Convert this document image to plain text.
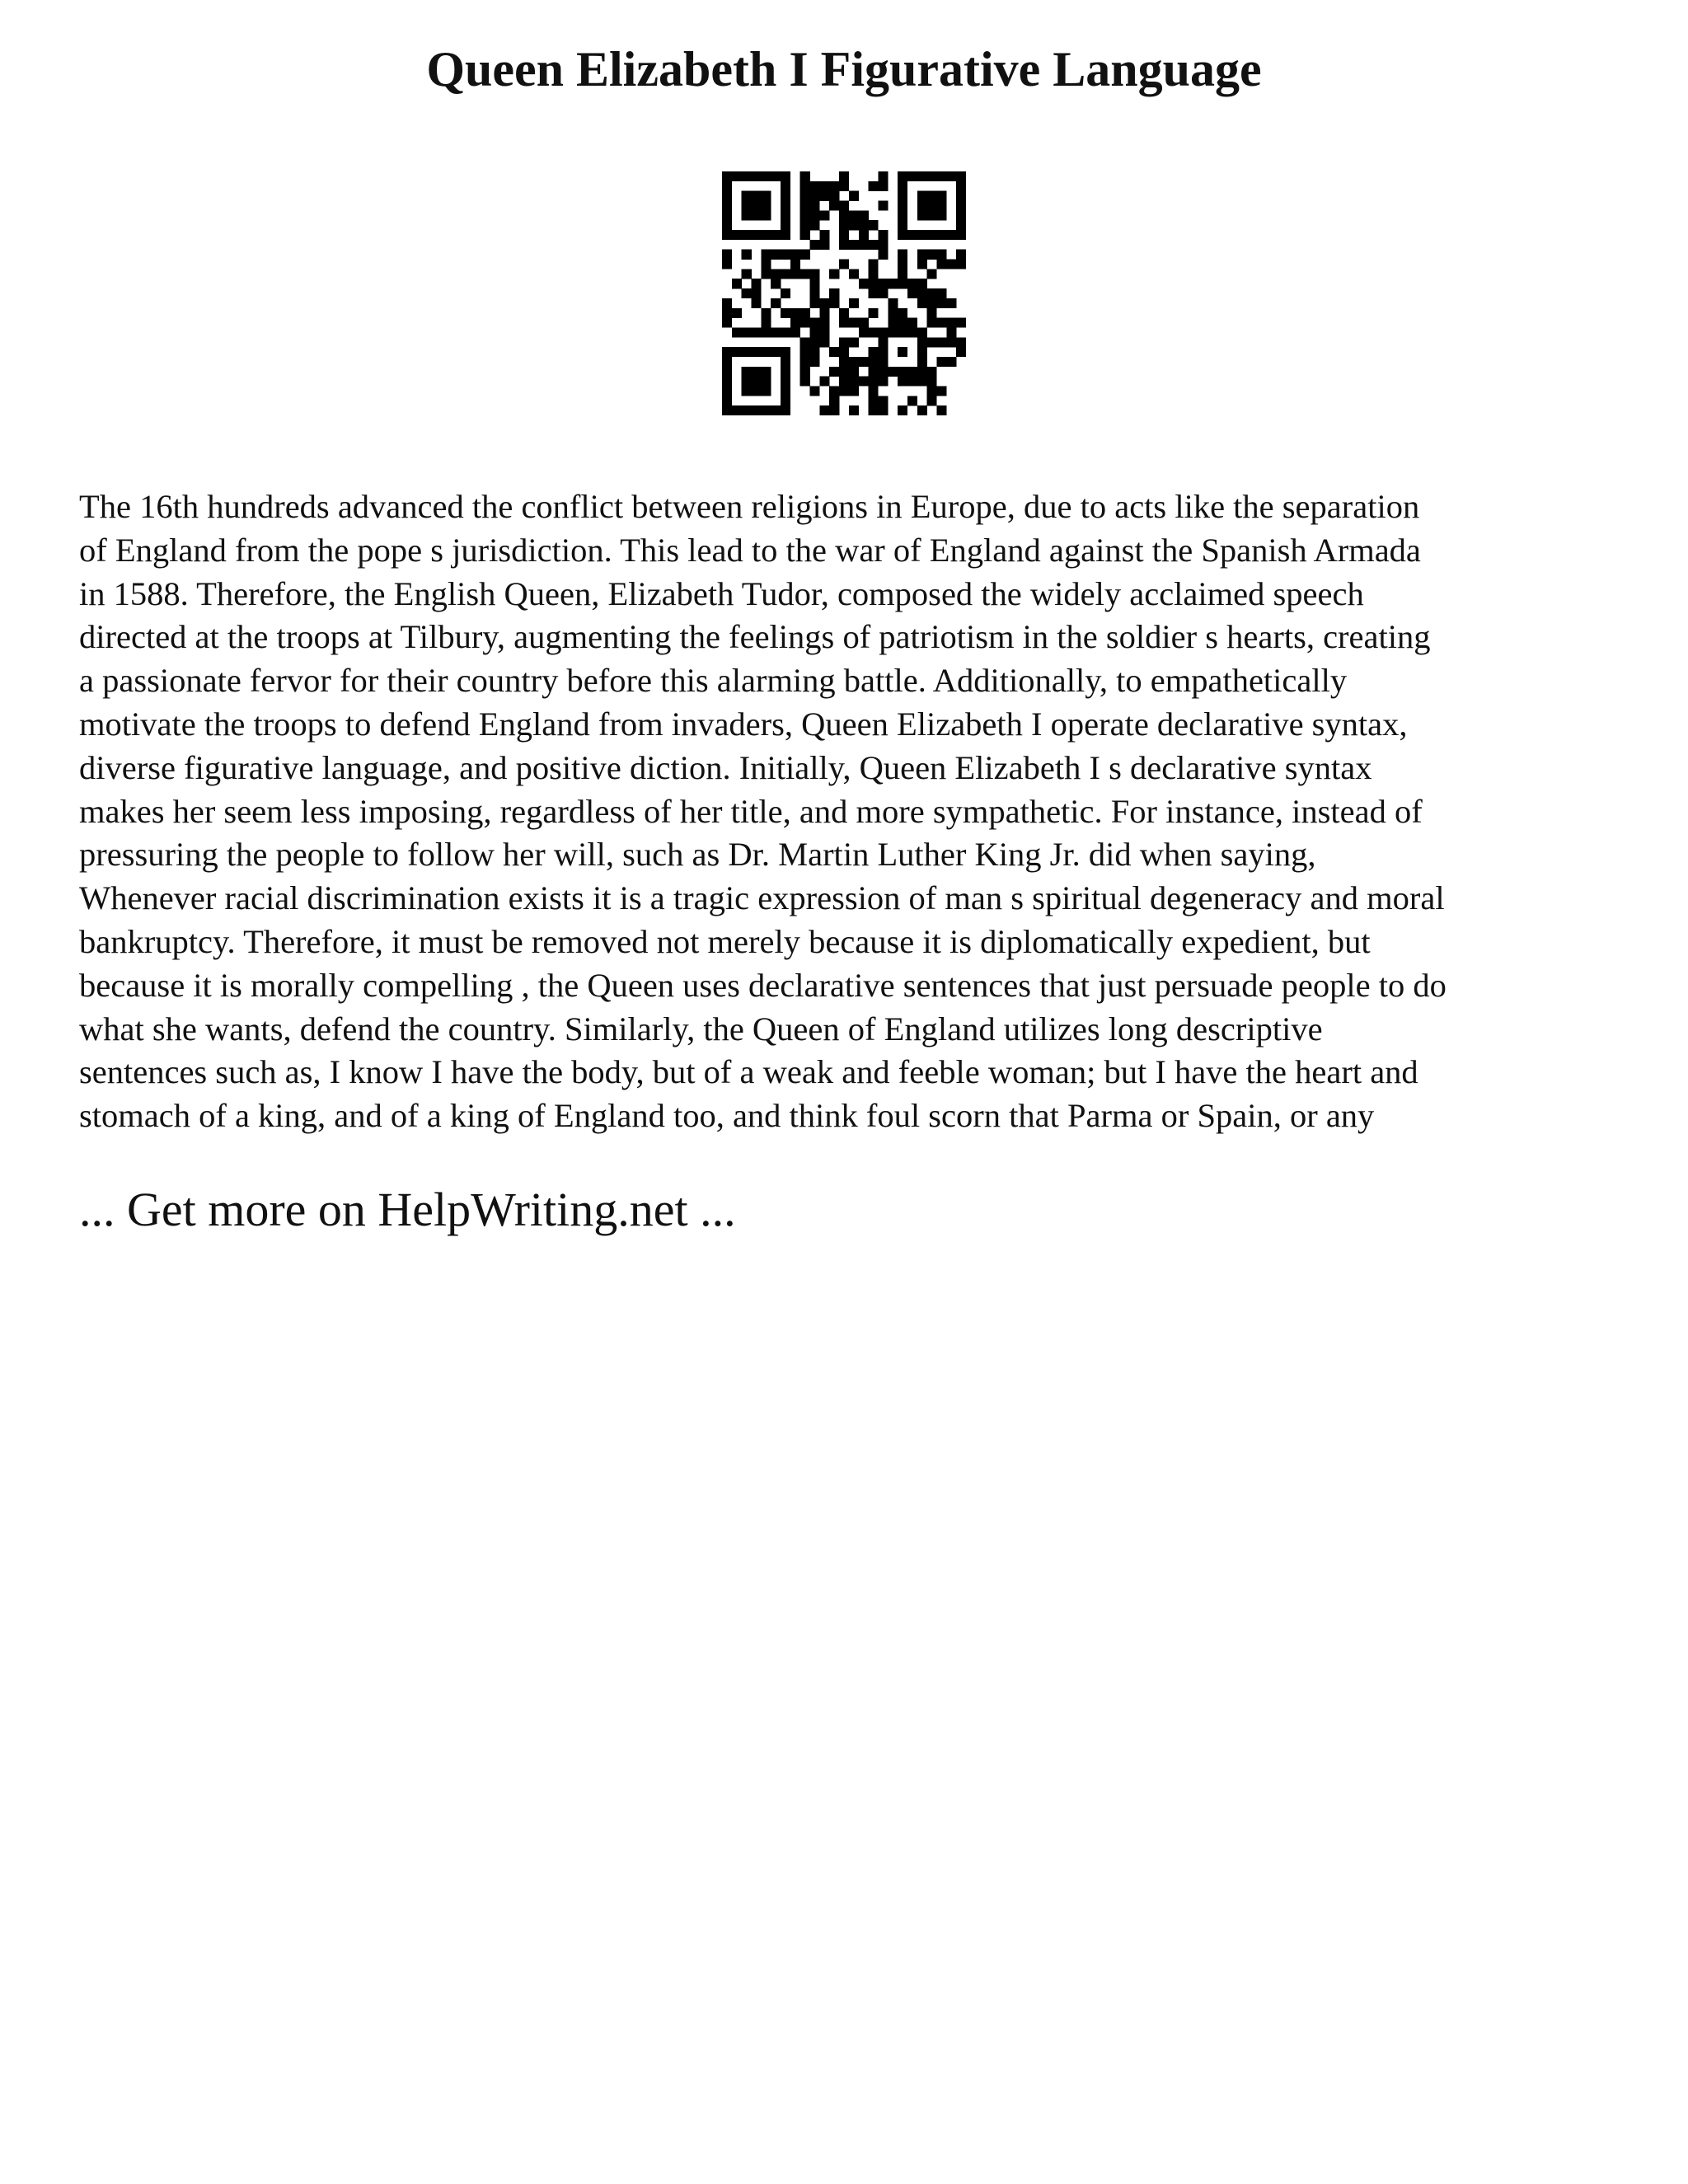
Queen Elizabeth I Figurative Language

The 16th hundreds advanced the conflict between religions in Europe, due to acts like the separation
of England from the pope s jurisdiction. This lead to the war of England against the Spanish Armada
in 1588. Therefore, the English Queen, Elizabeth Tudor, composed the widely acclaimed speech
directed at the troops at Tilbury, augmenting the feelings of patriotism in the soldier s hearts, creating
a passionate fervor for their country before this alarming battle. Additionally, to empathetically
motivate the troops to defend England from invaders, Queen Elizabeth I operate declarative syntax,
diverse figurative language, and positive diction. Initially, Queen Elizabeth I s declarative syntax
makes her seem less imposing, regardless of her title, and more sympathetic. For instance, instead of
pressuring the people to follow her will, such as Dr. Martin Luther King Jr. did when saying,
Whenever racial discrimination exists it is a tragic expression of man s spiritual degeneracy and moral
bankruptcy. Therefore, it must be removed not merely because it is diplomatically expedient, but
because it is morally compelling , the Queen uses declarative sentences that just persuade people to do
what she wants, defend the country. Similarly, the Queen of England utilizes long descriptive
sentences such as, I know I have the body, but of a weak and feeble woman; but I have the heart and
stomach of a king, and of a king of England too, and think foul scorn that Parma or Spain, or any

... Get more on HelpWriting.net ...
